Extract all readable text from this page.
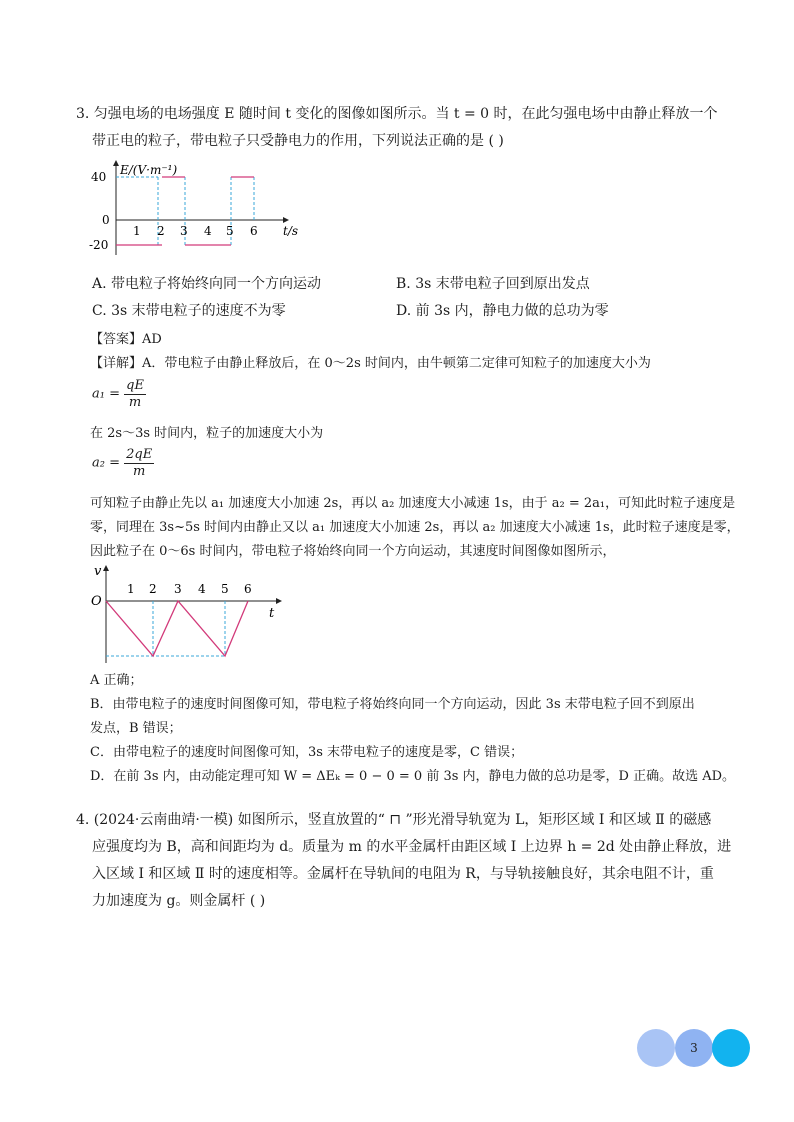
3. 匀强电场的电场强度 E 随时间 t 变化的图像如图所示。当 t = 0 时，在此匀强电场中由静止释放一个
带正电的粒子，带电粒子只受静电力的作用，下列说法正确的是 ( )
E/(V·m⁻¹)
40
0
-20
1 2 3 4 5 6 t/s
A. 带电粒子将始终向同一个方向运动	B. 3s 末带电粒子回到原出发点
C. 3s 末带电粒子的速度不为零	D. 前 3s 内，静电力做的总功为零
【答案】AD
【详解】A．带电粒子由静止释放后，在 0～2s 时间内，由牛顿第二定律可知粒子的加速度大小为
$a_1 = \frac{qE}{m}$
在 2s～3s 时间内，粒子的加速度大小为
$a_2 = \frac{2qE}{m}$
可知粒子由静止先以 a₁ 加速度大小加速 2s，再以 a₂ 加速度大小减速 1s，由于 a₂ = 2a₁，可知此时粒子速度是
零，同理在 3s~5s 时间内由静止又以 a₁ 加速度大小加速 2s，再以 a₂ 加速度大小减速 1s，此时粒子速度是零，
因此粒子在 0～6s 时间内，带电粒子将始终向同一个方向运动，其速度时间图像如图所示，
v
O
1 2 3 4 5 6
t
A 正确；
B．由带电粒子的速度时间图像可知，带电粒子将始终向同一个方向运动，因此 3s 末带电粒子回不到原出
发点，B 错误；
C．由带电粒子的速度时间图像可知，3s 末带电粒子的速度是零，C 错误；
D．在前 3s 内，由动能定理可知 W = ΔEₖ = 0 − 0 = 0 前 3s 内，静电力做的总功是零，D 正确。故选 AD。
4. (2024·云南曲靖·一模) 如图所示，竖直放置的“ ⊓ ”形光滑导轨宽为 L，矩形区域 Ⅰ 和区域 Ⅱ 的磁感
应强度均为 B，高和间距均为 d。质量为 m 的水平金属杆由距区域 Ⅰ 上边界 h = 2d 处由静止释放，进
入区域 Ⅰ 和区域 Ⅱ 时的速度相等。金属杆在导轨间的电阻为 R，与导轨接触良好，其余电阻不计，重
力加速度为 g。则金属杆 ( )
3
